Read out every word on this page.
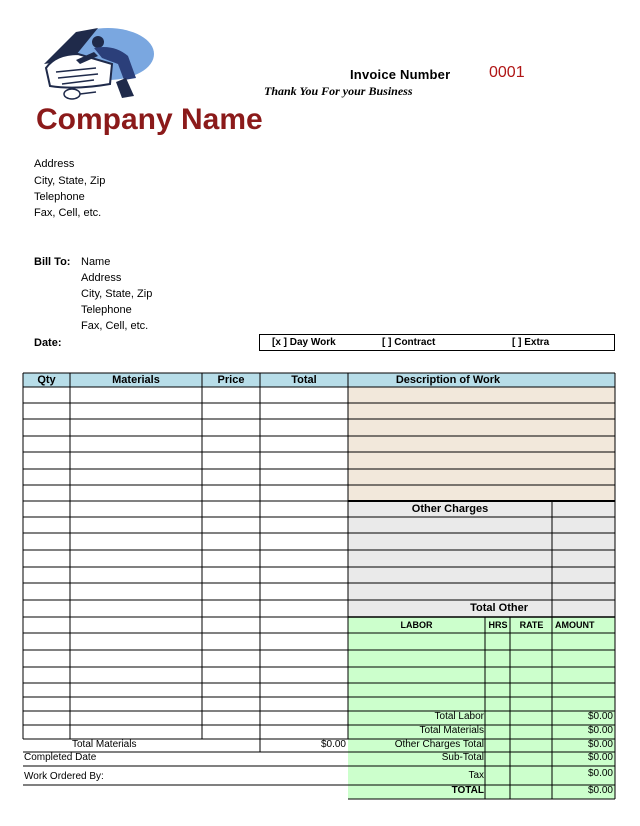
Invoice Number 0001
Thank You For your Business
Company Name
Address
City, State, Zip
Telephone
Fax, Cell, etc.
Bill To: Name
Address
City, State, Zip
Telephone
Fax, Cell, etc.
Date:	[x ] Day Work	[ ] Contract	[ ] Extra
Qty	Materials	Price	Total	Description of Work
Other Charges
Total Other
LABOR	HRS	RATE	AMOUNT
Total Materials	$0.00
Completed Date
Work Ordered By:
Total Labor	$0.00
Total Materials	$0.00
Other Charges Total	$0.00
Sub-Total	$0.00
Tax	$0.00
TOTAL	$0.00
